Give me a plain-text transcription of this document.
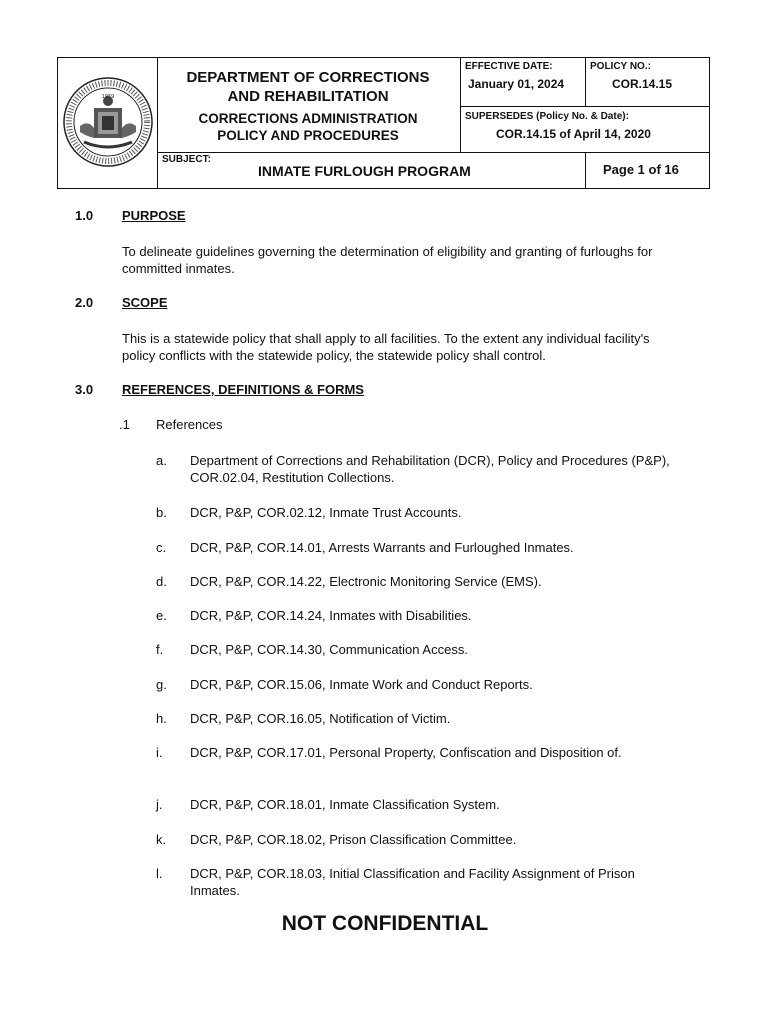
1959
DEPARTMENT OF CORRECTIONS
AND REHABILITATION
CORRECTIONS ADMINISTRATION
POLICY AND PROCEDURES
EFFECTIVE DATE:
January 01, 2024
POLICY NO.:
COR.14.15
SUPERSEDES (Policy No. & Date):
COR.14.15 of April 14, 2020
SUBJECT:
INMATE FURLOUGH PROGRAM	Page 1 of 16
1.0 PURPOSE
To delineate guidelines governing the determination of eligibility and granting of furloughs for committed inmates.
2.0 SCOPE
This is a statewide policy that shall apply to all facilities. To the extent any individual facility's policy conflicts with the statewide policy, the statewide policy shall control.
3.0 REFERENCES, DEFINITIONS & FORMS
.1 References
a. Department of Corrections and Rehabilitation (DCR), Policy and Procedures (P&P), COR.02.04, Restitution Collections.
b. DCR, P&P, COR.02.12, Inmate Trust Accounts.
c. DCR, P&P, COR.14.01, Arrests Warrants and Furloughed Inmates.
d. DCR, P&P, COR.14.22, Electronic Monitoring Service (EMS).
e. DCR, P&P, COR.14.24, Inmates with Disabilities.
f. DCR, P&P, COR.14.30, Communication Access.
g. DCR, P&P, COR.15.06, Inmate Work and Conduct Reports.
h. DCR, P&P, COR.16.05, Notification of Victim.
i. DCR, P&P, COR.17.01, Personal Property, Confiscation and Disposition of.
j. DCR, P&P, COR.18.01, Inmate Classification System.
k. DCR, P&P, COR.18.02, Prison Classification Committee.
l. DCR, P&P, COR.18.03, Initial Classification and Facility Assignment of Prison Inmates.
NOT CONFIDENTIAL
